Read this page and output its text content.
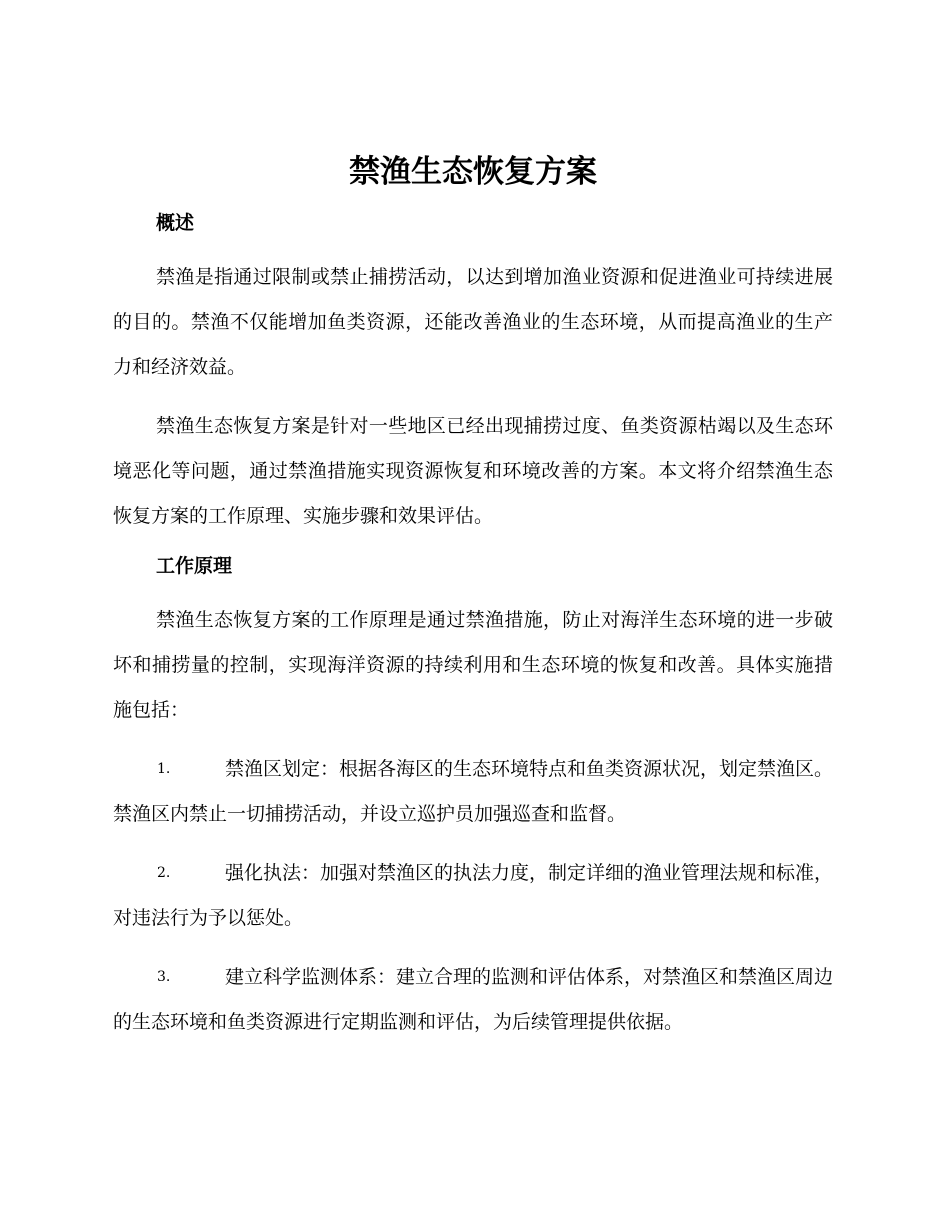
禁渔生态恢复方案
概述

禁渔是指通过限制或禁止捕捞活动，以达到增加渔业资源和促进渔业可持续进展的目的。禁渔不仅能增加鱼类资源，还能改善渔业的生态环境，从而提高渔业的生产力和经济效益。

禁渔生态恢复方案是针对一些地区已经出现捕捞过度、鱼类资源枯竭以及生态环境恶化等问题，通过禁渔措施实现资源恢复和环境改善的方案。本文将介绍禁渔生态恢复方案的工作原理、实施步骤和效果评估。

工作原理

禁渔生态恢复方案的工作原理是通过禁渔措施，防止对海洋生态环境的进一步破坏和捕捞量的控制，实现海洋资源的持续利用和生态环境的恢复和改善。具体实施措施包括：

1.	禁渔区划定：根据各海区的生态环境特点和鱼类资源状况，划定禁渔区。禁渔区内禁止一切捕捞活动，并设立巡护员加强巡查和监督。

2.	强化执法：加强对禁渔区的执法力度，制定详细的渔业管理法规和标准，对违法行为予以惩处。

3.	建立科学监测体系：建立合理的监测和评估体系，对禁渔区和禁渔区周边的生态环境和鱼类资源进行定期监测和评估，为后续管理提供依据。
